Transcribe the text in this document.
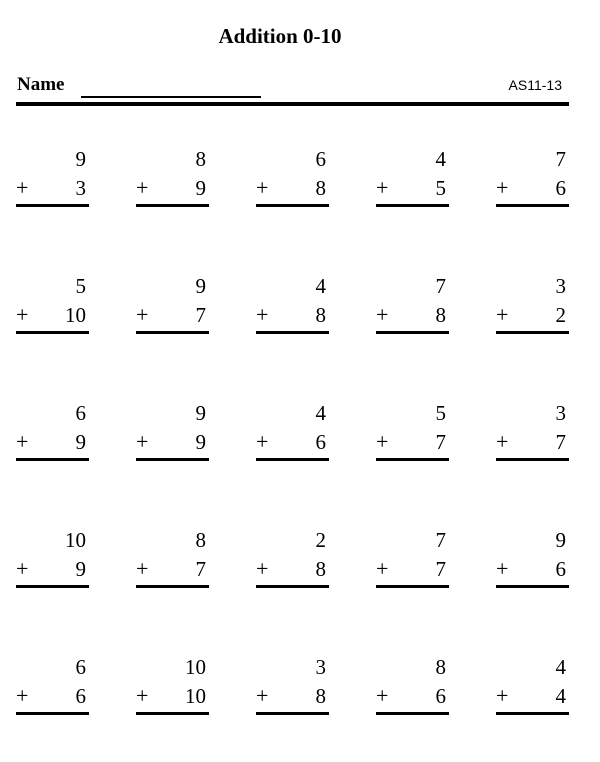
Addition 0-10
Name	AS11-13
9
+ 3
8
+ 9
6
+ 8
4
+ 5
7
+ 6
5
+ 10
9
+ 7
4
+ 8
7
+ 8
3
+ 2
6
+ 9
9
+ 9
4
+ 6
5
+ 7
3
+ 7
10
+ 9
8
+ 7
2
+ 8
7
+ 7
9
+ 6
6
+ 6
10
+ 10
3
+ 8
8
+ 6
4
+ 4
